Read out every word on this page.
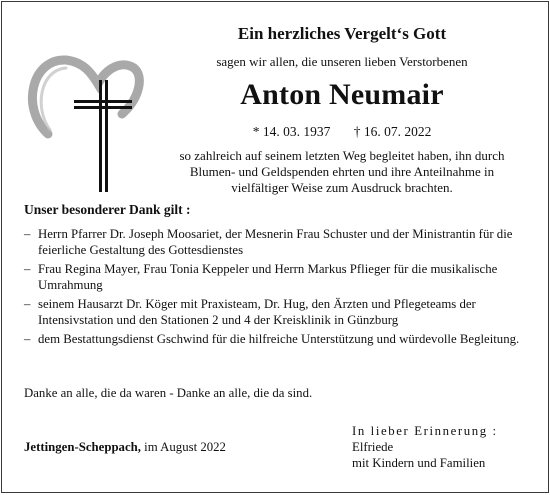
Ein herzliches Vergelt‘s Gott
sagen wir allen, die unseren lieben Verstorbenen
Anton Neumair
* 14. 03. 1937 † 16. 07. 2022
so zahlreich auf seinem letzten Weg begleitet haben, ihn durch
Blumen- und Geldspenden ehrten und ihre Anteilnahme in
vielfältiger Weise zum Ausdruck brachten.
Unser besonderer Dank gilt :
– Herrn Pfarrer Dr. Joseph Moosariet, der Mesnerin Frau Schuster und der Ministrantin für die feierliche Gestaltung des Gottesdienstes
– Frau Regina Mayer, Frau Tonia Keppeler und Herrn Markus Pflieger für die musikalische Umrahmung
– seinem Hausarzt Dr. Köger mit Praxisteam, Dr. Hug, den Ärzten und Pflegeteams der Intensivstation und den Stationen 2 und 4 der Kreisklinik in Günzburg
– dem Bestattungsdienst Gschwind für die hilfreiche Unterstützung und würdevolle Begleitung.
Danke an alle, die da waren - Danke an alle, die da sind.
Jettingen-Scheppach, im August 2022
In lieber Erinnerung :
Elfriede
mit Kindern und Familien
